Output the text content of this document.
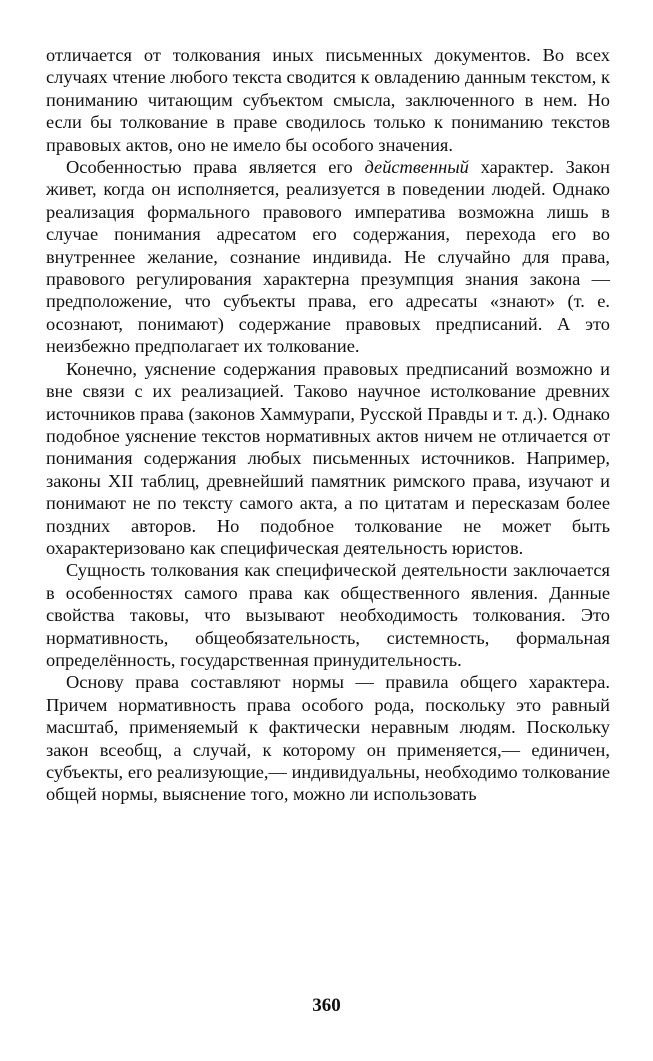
отличается от толкования иных письменных документов. Во всех случаях чтение любого текста сводится к овладению данным текстом, к пониманию читающим субъектом смысла, заключенного в нем. Но если бы толкование в праве сводилось только к пониманию текстов правовых актов, оно не имело бы особого значения.

Особенностью права является его действенный характер. Закон живет, когда он исполняется, реализуется в поведении людей. Однако реализация формального правового императива возможна лишь в случае понимания адресатом его содержания, перехода его во внутреннее желание, сознание индивида. Не случайно для права, правового регулирования характерна презумпция знания закона — предположение, что субъекты права, его адресаты «знают» (т. е. осознают, понимают) содержание правовых предписаний. А это неизбежно предполагает их толкование.

Конечно, уяснение содержания правовых предписаний возможно и вне связи с их реализацией. Таково научное истолкование древних источников права (законов Хаммурапи, Русской Правды и т. д.). Однако подобное уяснение текстов нормативных актов ничем не отличается от понимания содержания любых письменных источников. Например, законы XII таблиц, древнейший памятник римского права, изучают и понимают не по тексту самого акта, а по цитатам и пересказам более поздних авторов. Но подобное толкование не может быть охарактеризовано как специфическая деятельность юристов.

Сущность толкования как специфической деятельности заключается в особенностях самого права как общественного явления. Данные свойства таковы, что вызывают необходимость толкования. Это нормативность, общеобязательность, системность, формальная определённость, государственная принудительность.

Основу права составляют нормы — правила общего характера. Причем нормативность права особого рода, поскольку это равный масштаб, применяемый к фактически неравным людям. Поскольку закон всеобщ, а случай, к которому он применяется,— единичен, субъекты, его реализующие,— индивидуальны, необходимо толкование общей нормы, выяснение того, можно ли использовать

360
